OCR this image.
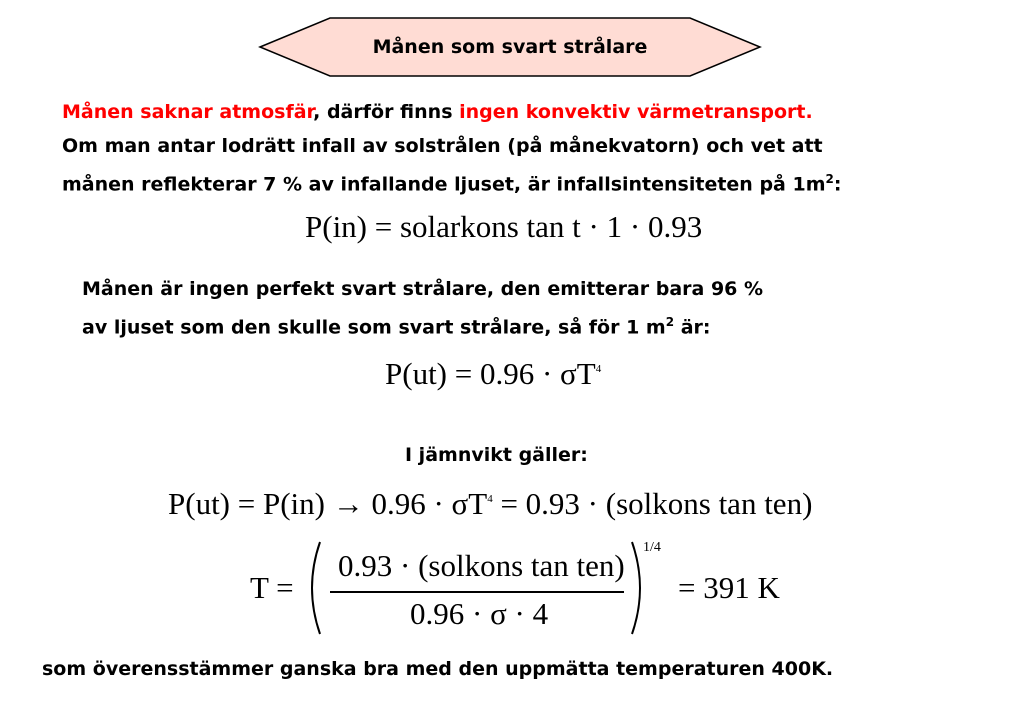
Månen som svart strålare
Månen saknar atmosfär, därför finns ingen konvektiv värmetransport.
Om man antar lodrätt infall av solstrålen (på månekvatorn) och vet att
månen reflekterar 7 % av infallande ljuset, är infallsintensiteten på $1m^2$:
P(in) = solarkons tan t · 1 · 0.93
Månen är ingen perfekt svart strålare, den emitterar bara 96 %
av ljuset som den skulle som svart strålare, så för 1 $m^2$ är:
$P(ut) = 0.96 \cdot \sigma T^4$
I jämnvikt gäller:
$P(ut) = P(in) \to 0.96 \cdot \sigma T^4 = 0.93$ · (solkons tan ten)
T =
0.93 · (solkons tan ten)
0.96 · σ · 4
1/4
= 391 K
som överensstämmer ganska bra med den uppmätta temperaturen 400K.
